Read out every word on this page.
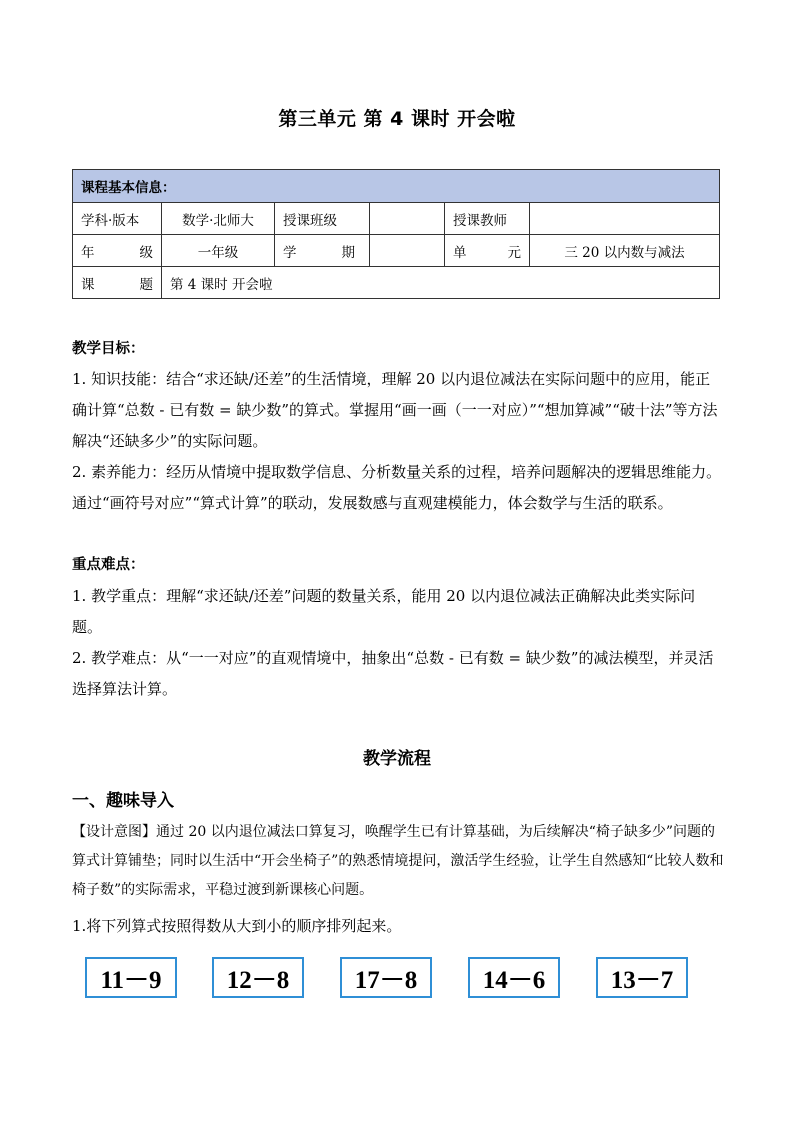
第三单元 第 4 课时 开会啦
课程基本信息：					
学科·版本	数学·北师大	授课班级		授课教师	

年 级	一年级	学 期		单 元	三 20 以内数与减法

课 题	第 4 课时 开会啦				
教学目标：
1. 知识技能：结合“求还缺/还差”的生活情境，理解 20 以内退位减法在实际问题中的应用，能正确计算“总数 - 已有数 = 缺少数”的算式。掌握用“画一画（一一对应）”“想加算减”“破十法”等方法解决“还缺多少”的实际问题。
2. 素养能力：经历从情境中提取数学信息、分析数量关系的过程，培养问题解决的逻辑思维能力。通过“画符号对应”“算式计算”的联动，发展数感与直观建模能力，体会数学与生活的联系。
重点难点：
1. 教学重点：理解“求还缺/还差”问题的数量关系，能用 20 以内退位减法正确解决此类实际问题。
2. 教学难点：从“一一对应”的直观情境中，抽象出“总数 - 已有数 = 缺少数”的减法模型，并灵活选择算法计算。
教学流程
一、趣味导入
【设计意图】通过 20 以内退位减法口算复习，唤醒学生已有计算基础，为后续解决“椅子缺多少”问题的算式计算铺垫；同时以生活中“开会坐椅子”的熟悉情境提问，激活学生经验，让学生自然感知“比较人数和椅子数”的实际需求，平稳过渡到新课核心问题。
1.将下列算式按照得数从大到小的顺序排列起来。
11－9	12－8	17－8	14－6	13－7
